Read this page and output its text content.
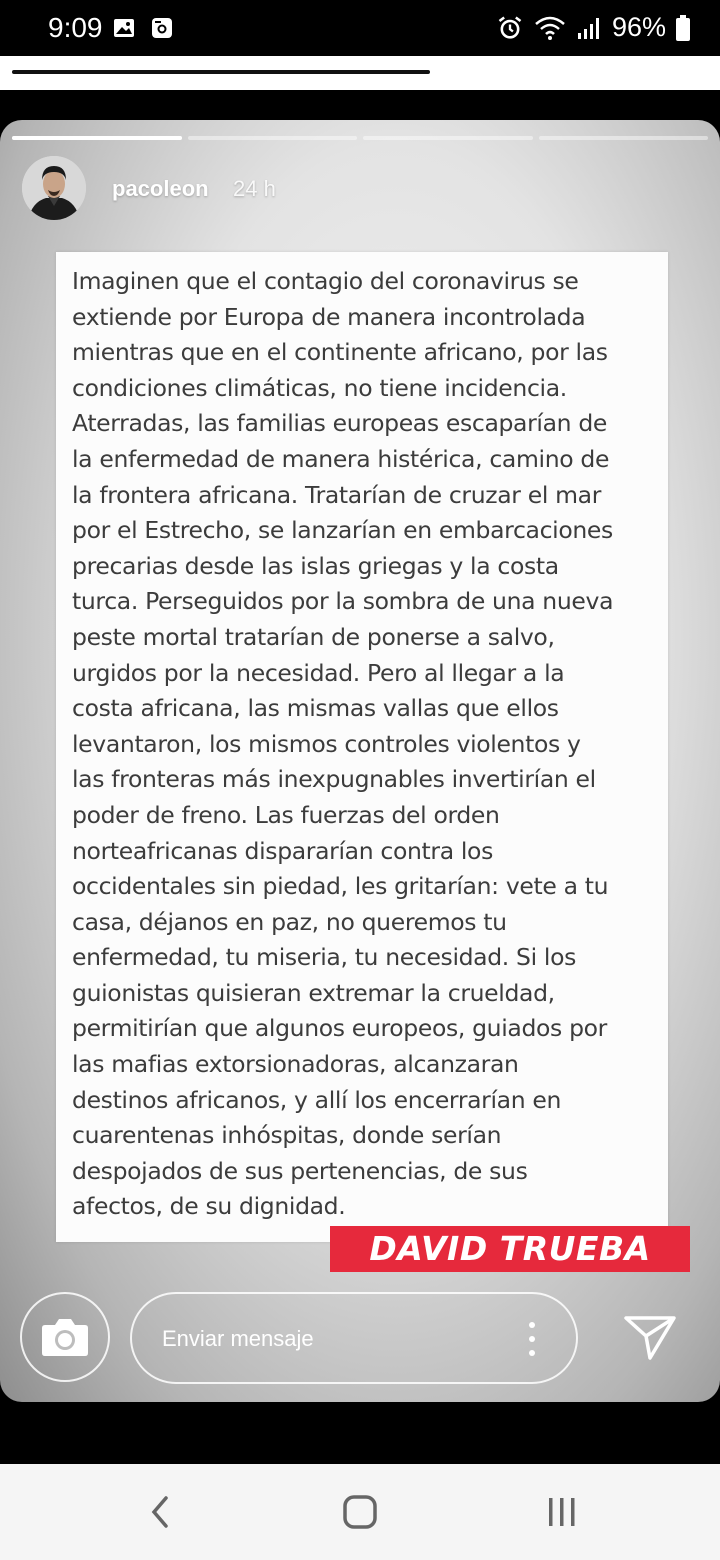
9:09	96%
pacoleon 24 h
Imaginen que el contagio del coronavirus se
extiende por Europa de manera incontrolada
mientras que en el continente africano, por las
condiciones climáticas, no tiene incidencia.
Aterradas, las familias europeas escaparían de
la enfermedad de manera histérica, camino de
la frontera africana. Tratarían de cruzar el mar
por el Estrecho, se lanzarían en embarcaciones
precarias desde las islas griegas y la costa
turca. Perseguidos por la sombra de una nueva
peste mortal tratarían de ponerse a salvo,
urgidos por la necesidad. Pero al llegar a la
costa africana, las mismas vallas que ellos
levantaron, los mismos controles violentos y
las fronteras más inexpugnables invertirían el
poder de freno. Las fuerzas del orden
norteafricanas dispararían contra los
occidentales sin piedad, les gritarían: vete a tu
casa, déjanos en paz, no queremos tu
enfermedad, tu miseria, tu necesidad. Si los
guionistas quisieran extremar la crueldad,
permitirían que algunos europeos, guiados por
las mafias extorsionadoras, alcanzaran
destinos africanos, y allí los encerrarían en
cuarentenas inhóspitas, donde serían
despojados de sus pertenencias, de sus
afectos, de su dignidad.
DAVID TRUEBA
Enviar mensaje
